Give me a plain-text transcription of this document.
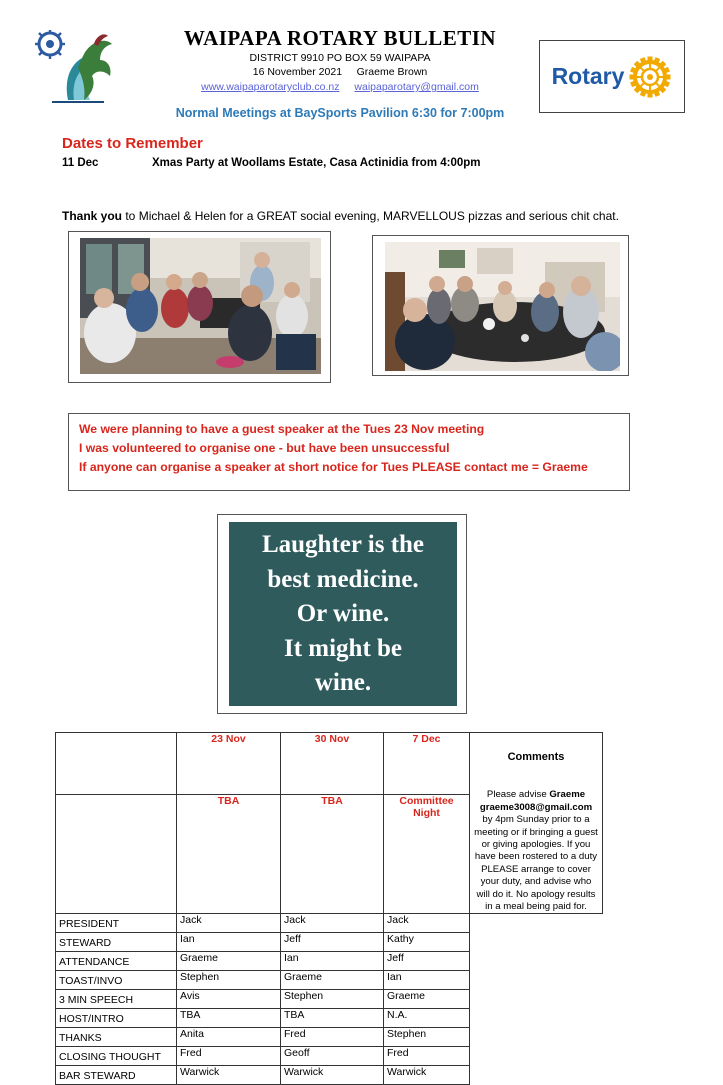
WAIPAPA ROTARY BULLETIN
DISTRICT 9910 PO BOX 59 WAIPAPA
16 November 2021     Graeme Brown
www.waipaparotaryclub.co.nz waipaparotary@gmail.com
Normal Meetings at BaySports Pavilion 6:30 for 7:00pm
Rotary
Dates to Remember
11 Dec	Xmas Party at Woollams Estate, Casa Actinidia from 4:00pm
Thank you to Michael & Helen for a GREAT social evening, MARVELLOUS pizzas and serious chit chat.
We were planning to have a guest speaker at the Tues 23 Nov meeting
I was volunteered to organise one - but have been unsuccessful
If anyone can organise a speaker at short notice for Tues PLEASE contact me = Graeme
Laughter is the
best medicine.
Or wine.
It might be
wine.
	23 Nov	30 Nov	7 Dec	Comments
Please advise Graeme
graeme3008@gmail.com by 4pm Sunday prior to a meeting or if bringing a guest or giving apologies. If you have been rostered to a duty PLEASE arrange to cover your duty, and advise who will do it. No apology results in a meal being paid for.
	TBA	TBA	Committee Night	
PRESIDENT	Jack	Jack	Jack	
STEWARD	Ian	Jeff	Kathy	
ATTENDANCE	Graeme	Ian	Jeff	
TOAST/INVO	Stephen	Graeme	Ian	
3 MIN SPEECH	Avis	Stephen	Graeme	
HOST/INTRO	TBA	TBA	N.A.	
THANKS	Anita	Fred	Stephen	
CLOSING THOUGHT	Fred	Geoff	Fred	
BAR STEWARD	Warwick	Warwick	Warwick	
